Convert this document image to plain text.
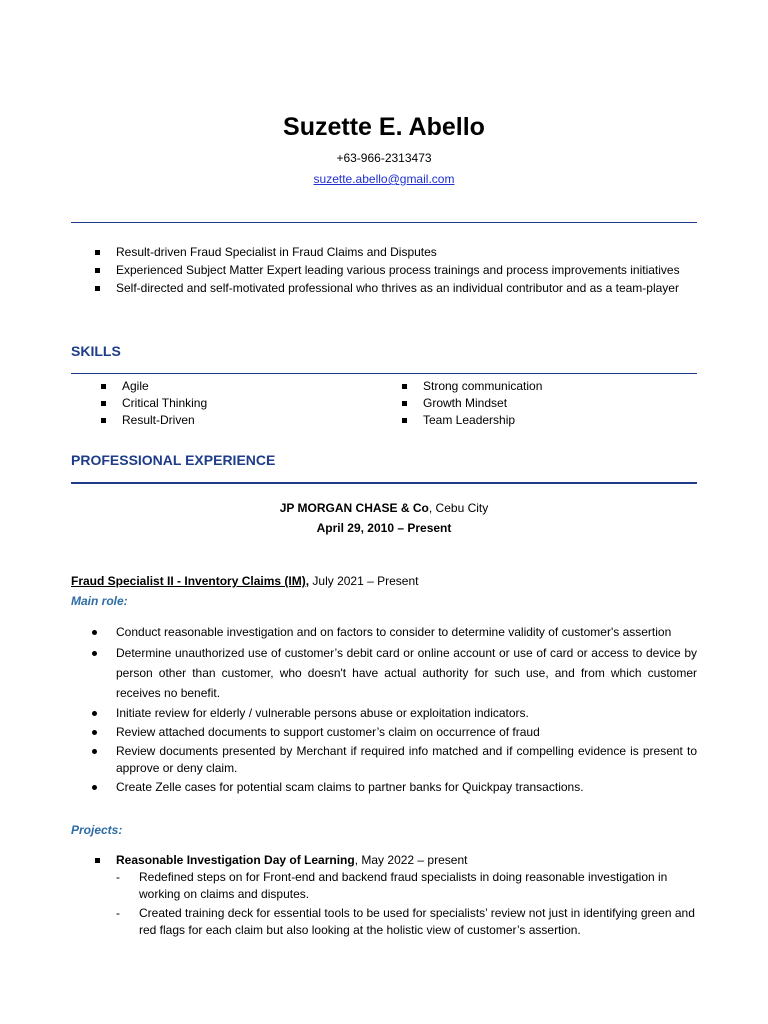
Suzette E. Abello
+63-966-2313473
suzette.abello@gmail.com
Result-driven Fraud Specialist in Fraud Claims and Disputes
Experienced Subject Matter Expert leading various process trainings and process improvements initiatives
Self-directed and self-motivated professional who thrives as an individual contributor and as a team-player
SKILLS
Agile
Critical Thinking
Result-Driven
Strong communication
Growth Mindset
Team Leadership
PROFESSIONAL EXPERIENCE
JP MORGAN CHASE & Co, Cebu City
April 29, 2010 – Present
Fraud Specialist II - Inventory Claims (IM), July 2021 – Present
Main role:
Conduct reasonable investigation and on factors to consider to determine validity of customer's assertion
Determine unauthorized use of customer’s debit card or online account or use of card or access to device by person other than customer, who doesn't have actual authority for such use, and from which customer receives no benefit.
Initiate review for elderly / vulnerable persons abuse or exploitation indicators.
Review attached documents to support customer’s claim on occurrence of fraud
Review documents presented by Merchant if required info matched and if compelling evidence is present to approve or deny claim.
Create Zelle cases for potential scam claims to partner banks for Quickpay transactions.
Projects:
Reasonable Investigation Day of Learning, May 2022 – present
- Redefined steps on for Front-end and backend fraud specialists in doing reasonable investigation in working on claims and disputes.
- Created training deck for essential tools to be used for specialists’ review not just in identifying green and red flags for each claim but also looking at the holistic view of customer’s assertion.
